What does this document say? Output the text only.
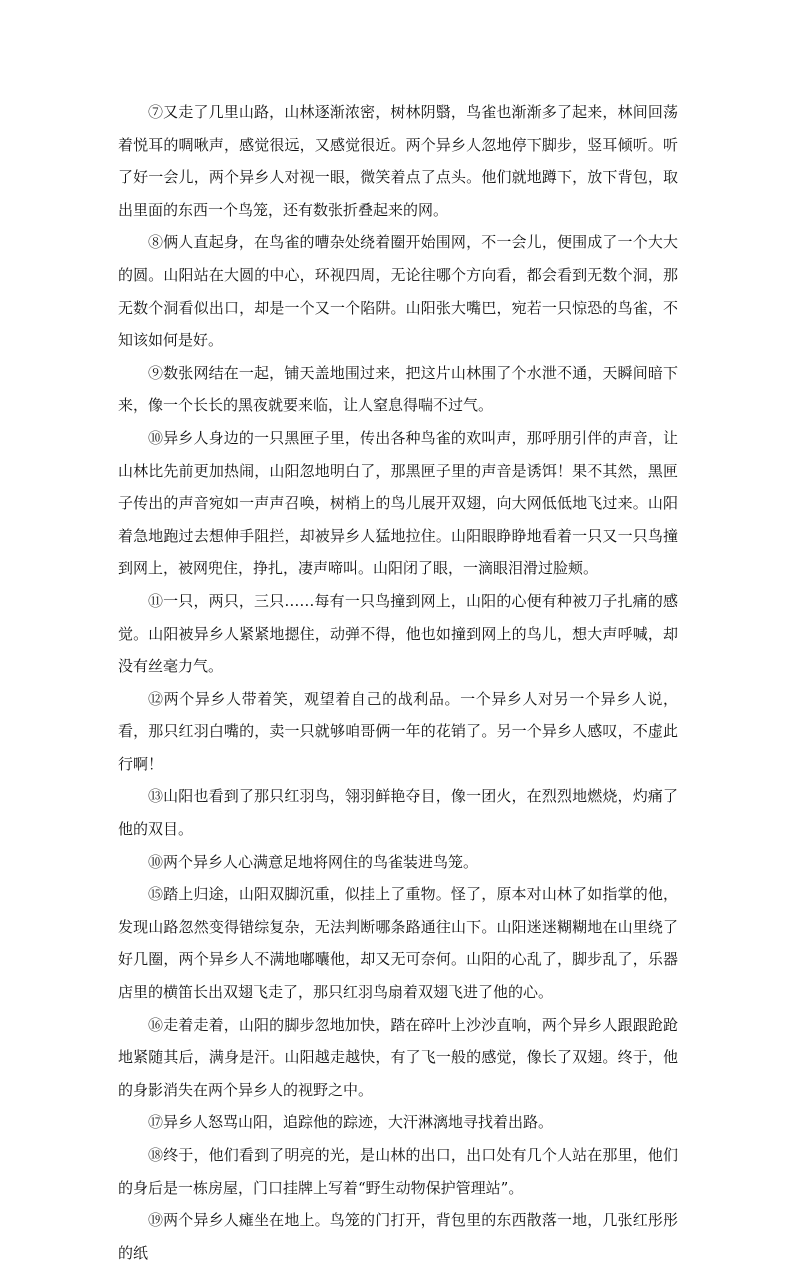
⑦又走了几里山路，山林逐渐浓密，树林阴翳，鸟雀也渐渐多了起来，林间回荡着悦耳的啁啾声，感觉很远，又感觉很近。两个异乡人忽地停下脚步，竖耳倾听。听了好一会儿，两个异乡人对视一眼，微笑着点了点头。他们就地蹲下，放下背包，取出里面的东西一个鸟笼，还有数张折叠起来的网。

⑧俩人直起身，在鸟雀的嘈杂处绕着圈开始围网，不一会儿，便围成了一个大大的圆。山阳站在大圆的中心，环视四周，无论往哪个方向看，都会看到无数个洞，那无数个洞看似出口，却是一个又一个陷阱。山阳张大嘴巴，宛若一只惊恐的鸟雀，不知该如何是好。

⑨数张网结在一起，铺天盖地围过来，把这片山林围了个水泄不通，天瞬间暗下来，像一个长长的黑夜就要来临，让人窒息得喘不过气。

⑩异乡人身边的一只黑匣子里，传出各种鸟雀的欢叫声，那呼朋引伴的声音，让山林比先前更加热闹，山阳忽地明白了，那黑匣子里的声音是诱饵！果不其然，黑匣子传出的声音宛如一声声召唤，树梢上的鸟儿展开双翅，向大网低低地飞过来。山阳着急地跑过去想伸手阻拦，却被异乡人猛地拉住。山阳眼睁睁地看着一只又一只鸟撞到网上，被网兜住，挣扎，凄声啼叫。山阳闭了眼，一滴眼泪滑过脸颊。

⑪一只，两只，三只……每有一只鸟撞到网上，山阳的心便有种被刀子扎痛的感觉。山阳被异乡人紧紧地摁住，动弹不得，他也如撞到网上的鸟儿，想大声呼喊，却没有丝毫力气。

⑫两个异乡人带着笑，观望着自己的战利品。一个异乡人对另一个异乡人说，看，那只红羽白嘴的，卖一只就够咱哥俩一年的花销了。另一个异乡人感叹，不虚此行啊！

⑬山阳也看到了那只红羽鸟，翎羽鲜艳夺目，像一团火，在烈烈地燃烧，灼痛了他的双目。

⑩两个异乡人心满意足地将网住的鸟雀装进鸟笼。

⑮踏上归途，山阳双脚沉重，似挂上了重物。怪了，原本对山林了如指掌的他，发现山路忽然变得错综复杂，无法判断哪条路通往山下。山阳迷迷糊糊地在山里绕了好几圈，两个异乡人不满地嘟囔他，却又无可奈何。山阳的心乱了，脚步乱了，乐器店里的横笛长出双翅飞走了，那只红羽鸟扇着双翅飞进了他的心。

⑯走着走着，山阳的脚步忽地加快，踏在碎叶上沙沙直响，两个异乡人跟跟跄跄地紧随其后，满身是汗。山阳越走越快，有了飞一般的感觉，像长了双翅。终于，他的身影消失在两个异乡人的视野之中。

⑰异乡人怒骂山阳，追踪他的踪迹，大汗淋漓地寻找着出路。

⑱终于，他们看到了明亮的光，是山林的出口，出口处有几个人站在那里，他们的身后是一栋房屋，门口挂牌上写着“野生动物保护管理站”。

⑲两个异乡人瘫坐在地上。鸟笼的门打开，背包里的东西散落一地，几张红彤彤的纸
